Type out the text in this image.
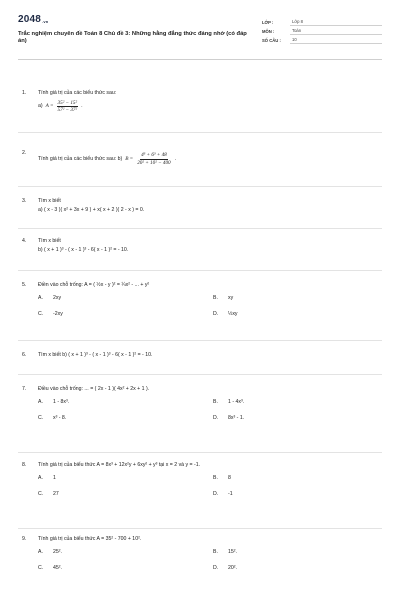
$2048_{.vn}$
Trắc nghiệm chuyên đề Toán 8 Chủ đề 3: Những hằng đẳng thức đáng nhớ (có đáp án)
LỚP :	Lớp 8
MÔN :	Toán
SỐ CÂU :	10
1.	Tính giá trị của các biểu thức sau:
a) $A = \frac{\text{35² − 15²}}{\text{57² − 37²}}$ .
2.
Tính giá trị của các biểu thức sau: b) $B = \frac{\text{4³ + 6³ + 48}}{\text{20² + 10² − 400}}$ .
3.	Tìm x biết
a) ( x - 3 )( x² + 3x + 9 ) + x( x + 2 )( 2 - x ) = 0.
4.	Tìm x biết
b) ( x + 1 )³ - ( x - 1 )³ - 6( x - 1 )² = - 10.
5.	Điền vào chỗ trống: A = ( ½x - y )² = ¼x² - ... + y²
A.	2xy	B.	xy
C.	-2xy	D.	½xy
6.	Tìm x biết b) ( x + 1 )³ - ( x - 1 )³ - 6( x - 1 )² = - 10.
7.	Điều vào chỗ trống: ... = ( 2x - 1 )( 4x² + 2x + 1 ).
A.	1 - 8x³.	B.	1 - 4x³.
C.	x³ - 8.	D.	8x³ - 1.
8.	Tính giá trị của biểu thức A = 8x³ + 12x²y + 6xy² + y³ tại x = 2 và y = -1.
A.	1	B.	8
C.	27	D.	-1
9.	Tính giá trị của biểu thức A = 35² - 700 + 10².
A.	25².	B.	15².
C.	45².	D.	20².
